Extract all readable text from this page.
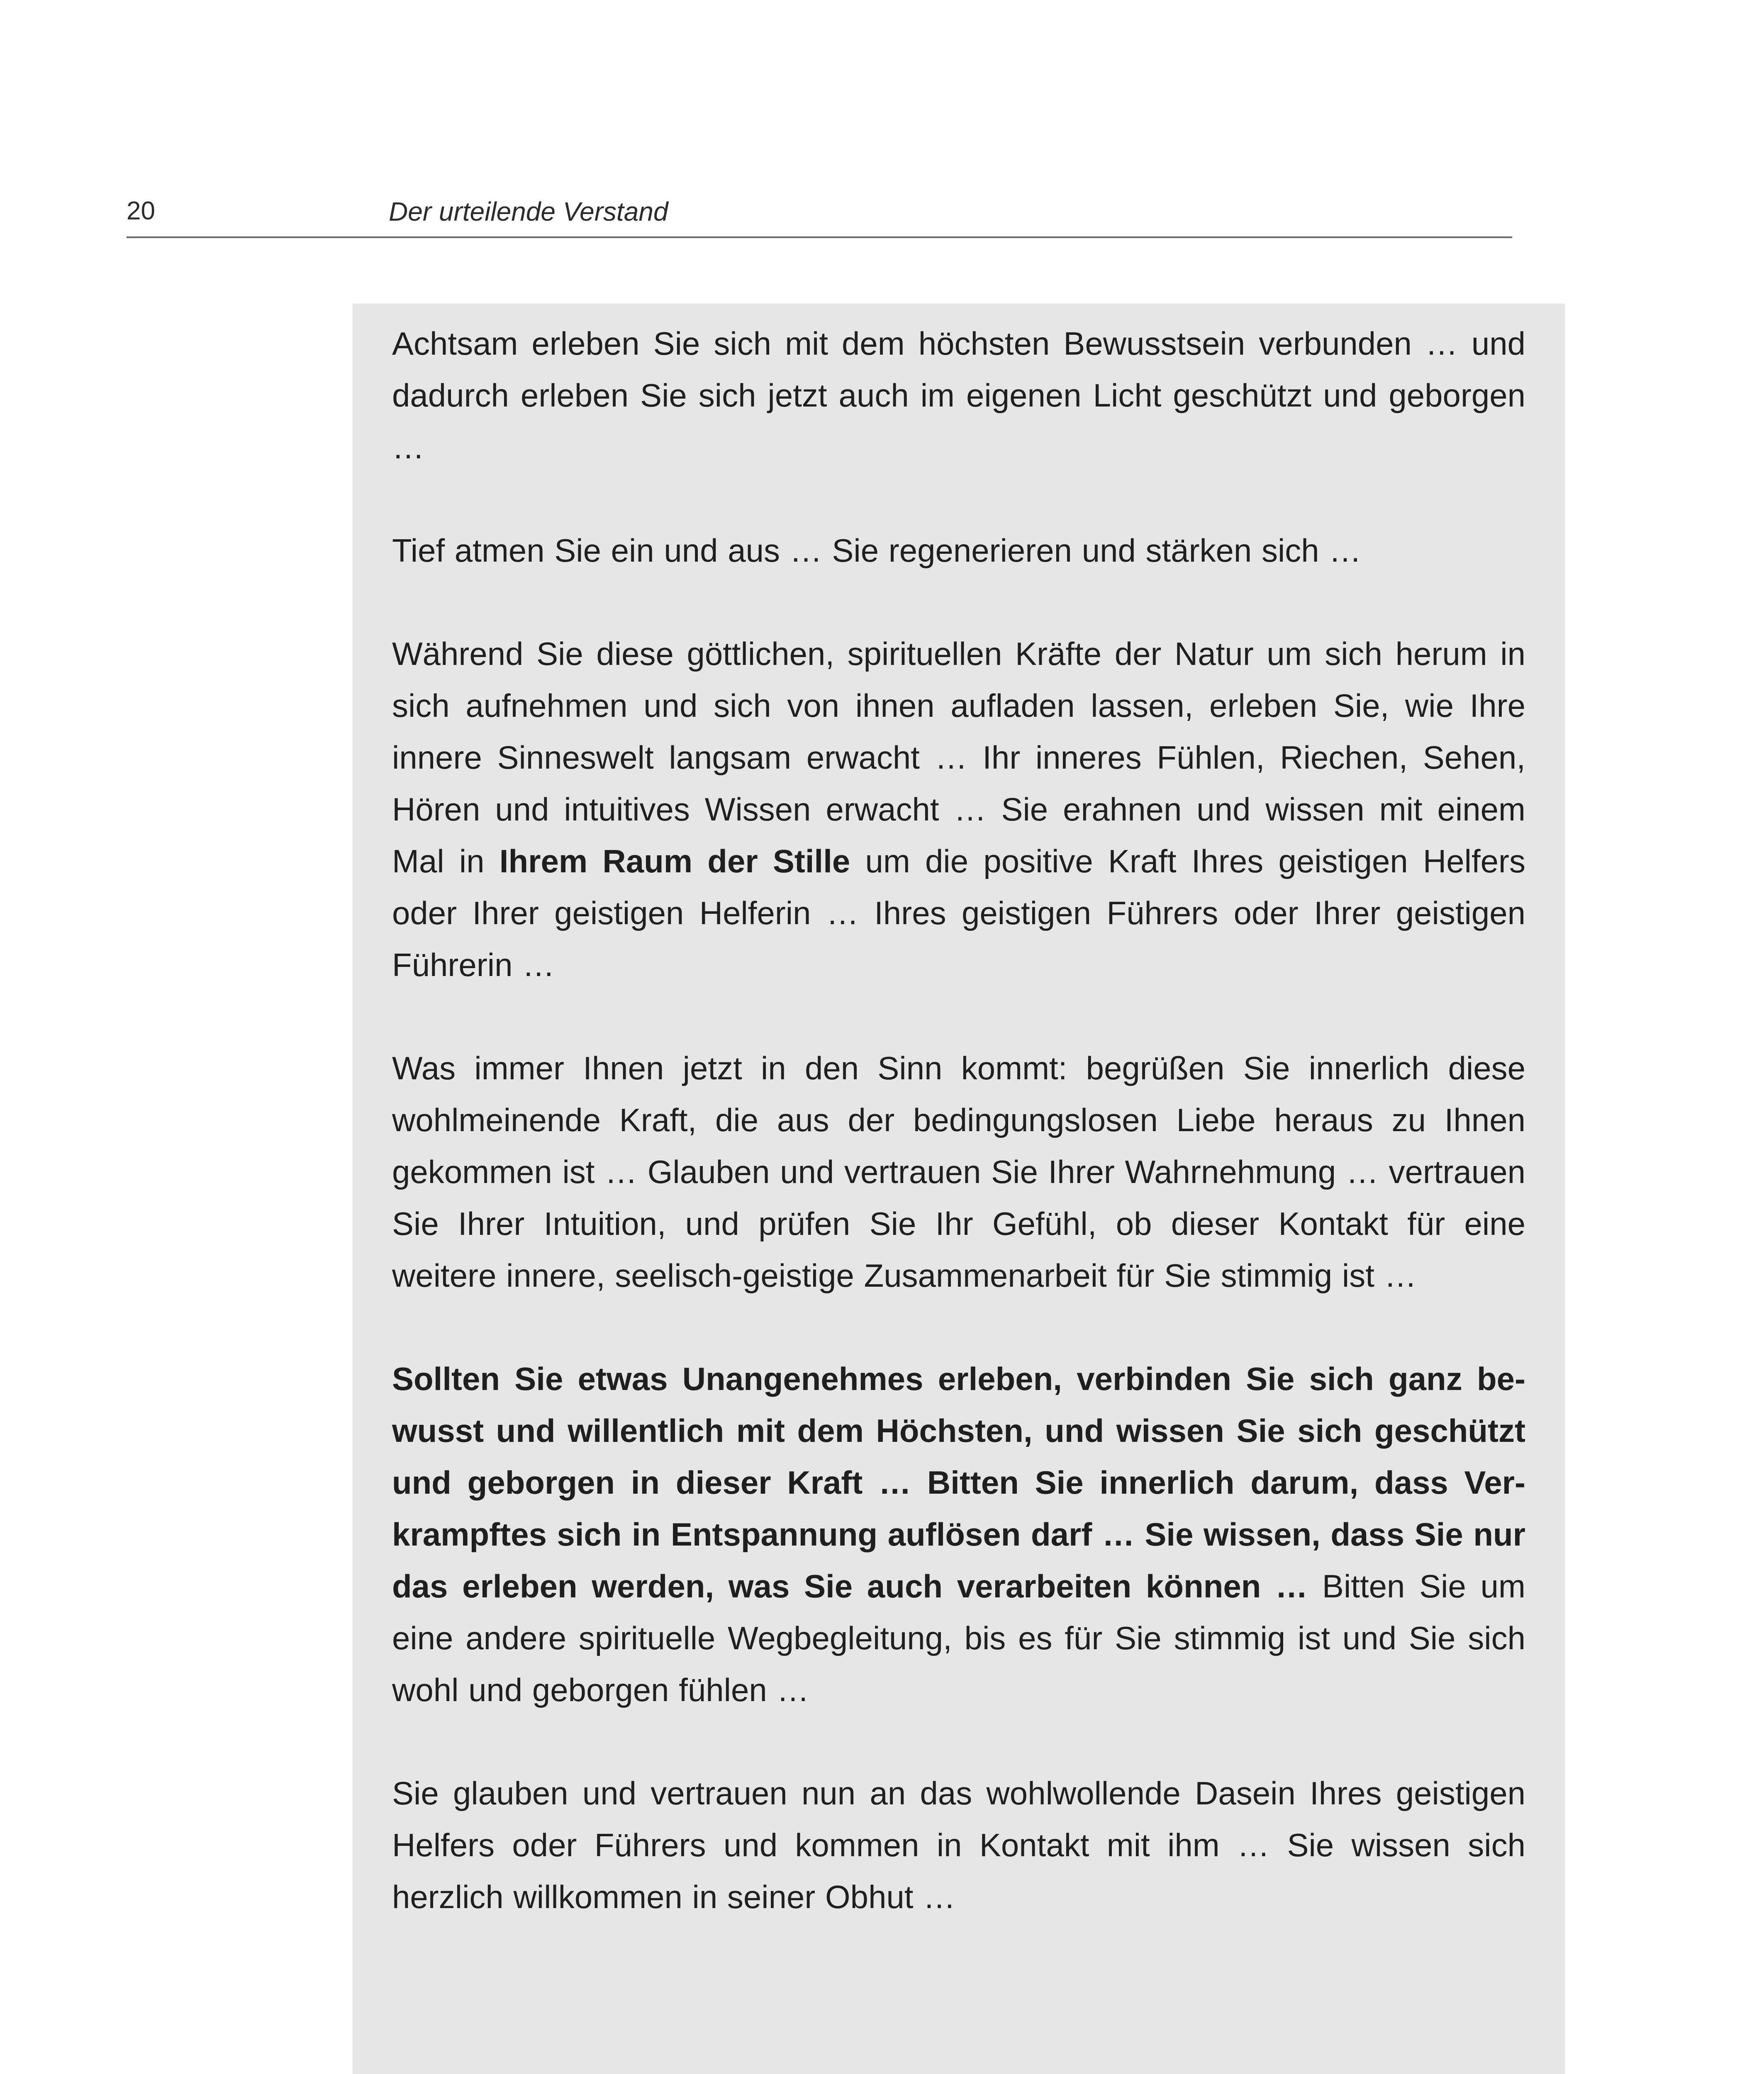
20	Der urteilende Verstand

Achtsam erleben Sie sich mit dem höchsten Bewusstsein verbunden … und dadurch erleben Sie sich jetzt auch im eigenen Licht geschützt und geborgen …

Tief atmen Sie ein und aus … Sie regenerieren und stärken sich …

Während Sie diese göttlichen, spirituellen Kräfte der Natur um sich herum in sich aufnehmen und sich von ihnen aufladen lassen, erleben Sie, wie Ihre innere Sinneswelt langsam erwacht … Ihr inneres Fühlen, Riechen, Sehen, Hören und intuitives Wissen erwacht … Sie erahnen und wissen mit einem Mal in Ihrem Raum der Stille um die positive Kraft Ihres geistigen Helfers oder Ihrer geistigen Helferin … Ihres geistigen Führers oder Ihrer geistigen Führerin …

Was immer Ihnen jetzt in den Sinn kommt: begrüßen Sie innerlich diese wohlmeinende Kraft, die aus der bedingungslosen Liebe heraus zu Ihnen gekommen ist … Glauben und vertrauen Sie Ihrer Wahrnehmung … vertrauen Sie Ihrer Intuition, und prüfen Sie Ihr Gefühl, ob dieser Kontakt für eine weitere innere, seelisch-geistige Zusammenarbeit für Sie stimmig ist …

Sollten Sie etwas Unangenehmes erleben, verbinden Sie sich ganz bewusst und willentlich mit dem Höchsten, und wissen Sie sich geschützt und geborgen in dieser Kraft … Bitten Sie innerlich darum, dass Verkrampftes sich in Entspannung auflösen darf … Sie wissen, dass Sie nur das erleben werden, was Sie auch verarbeiten können … Bitten Sie um eine andere spirituelle Wegbegleitung, bis es für Sie stimmig ist und Sie sich wohl und geborgen fühlen …

Sie glauben und vertrauen nun an das wohlwollende Dasein Ihres geistigen Helfers oder Führers und kommen in Kontakt mit ihm … Sie wissen sich herzlich willkommen in seiner Obhut …
